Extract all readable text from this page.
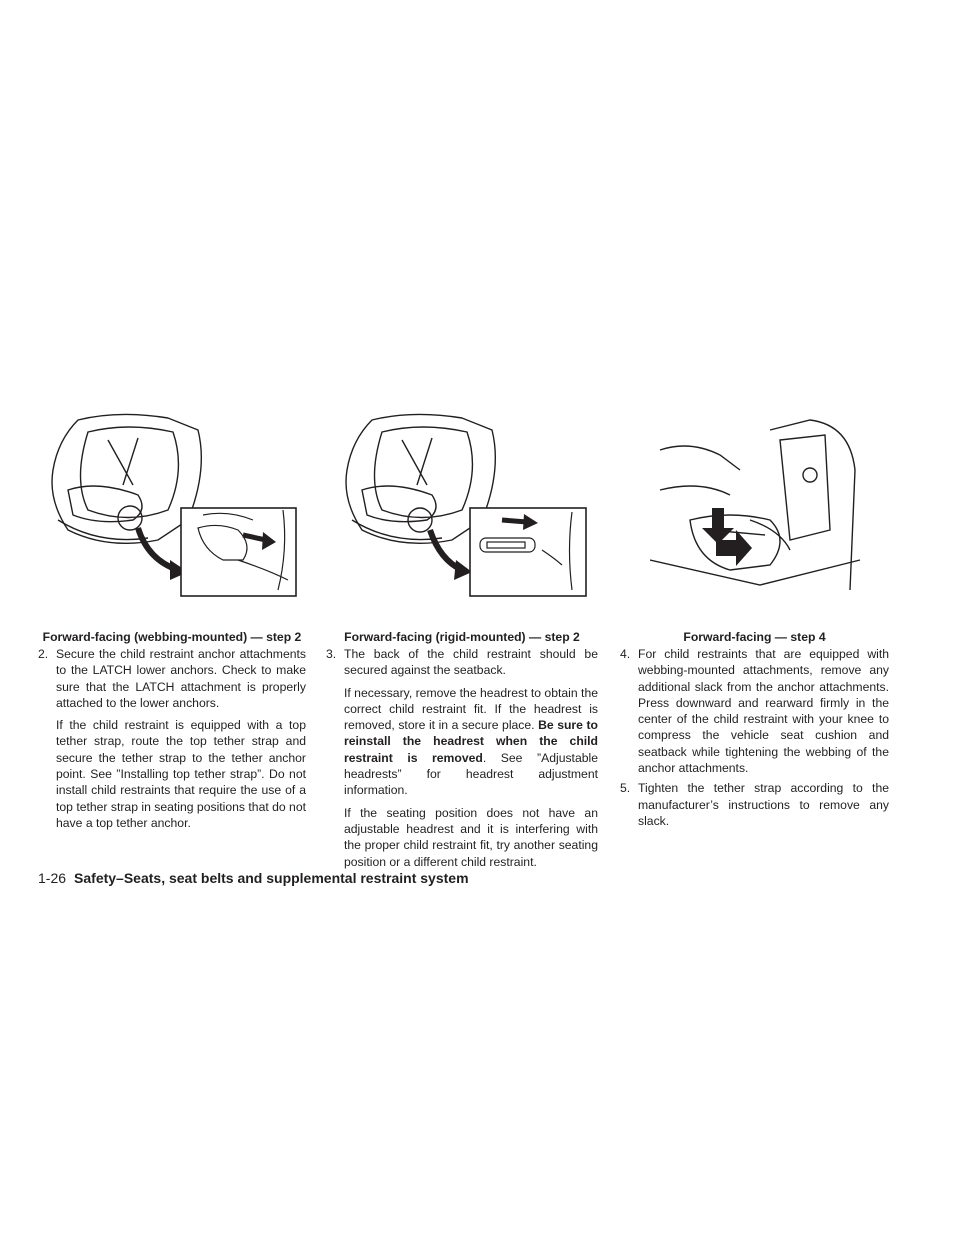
Forward-facing (webbing-mounted) — step 2
2. Secure the child restraint anchor attachments to the LATCH lower anchors. Check to make sure that the LATCH attachment is properly attached to the lower anchors.
If the child restraint is equipped with a top tether strap, route the top tether strap and secure the tether strap to the tether anchor point. See ”Installing top tether strap”. Do not install child restraints that require the use of a top tether strap in seating positions that do not have a top tether anchor.
Forward-facing (rigid-mounted) — step 2
3. The back of the child restraint should be secured against the seatback.
If necessary, remove the headrest to obtain the correct child restraint fit. If the headrest is removed, store it in a secure place. Be sure to reinstall the headrest when the child restraint is removed. See ”Adjustable headrests” for headrest adjustment information.
If the seating position does not have an adjustable headrest and it is interfering with the proper child restraint fit, try another seating position or a different child restraint.
Forward-facing — step 4
4. For child restraints that are equipped with webbing-mounted attachments, remove any additional slack from the anchor attachments. Press downward and rearward firmly in the center of the child restraint with your knee to compress the vehicle seat cushion and seatback while tightening the webbing of the anchor attachments.
5. Tighten the tether strap according to the manufacturer’s instructions to remove any slack.
1-26 Safety–Seats, seat belts and supplemental restraint system
